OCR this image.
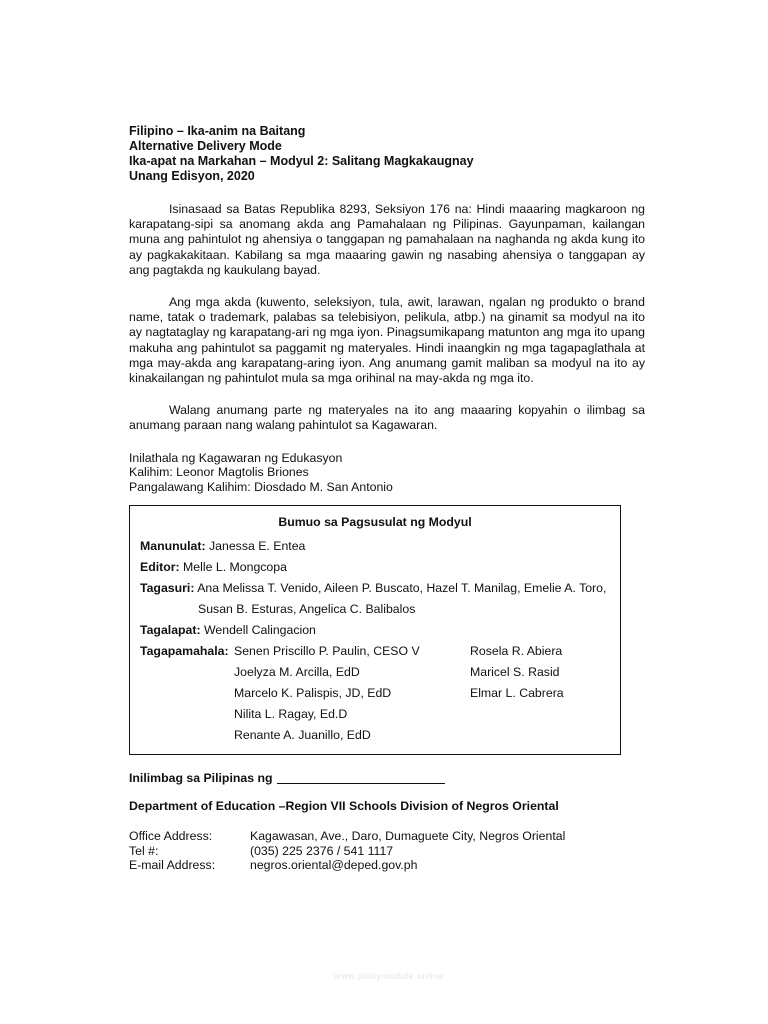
Filipino – Ika-anim na Baitang
Alternative Delivery Mode
Ika-apat na Markahan – Modyul 2: Salitang Magkakaugnay
Unang Edisyon, 2020

Isinasaad sa Batas Republika 8293, Seksiyon 176 na: Hindi maaaring magkaroon ng karapatang-sipi sa anomang akda ang Pamahalaan ng Pilipinas. Gayunpaman, kailangan muna ang pahintulot ng ahensiya o tanggapan ng pamahalaan na naghanda ng akda kung ito ay pagkakakitaan. Kabilang sa mga maaaring gawin ng nasabing ahensiya o tanggapan ay ang pagtakda ng kaukulang bayad.

Ang mga akda (kuwento, seleksiyon, tula, awit, larawan, ngalan ng produkto o brand name, tatak o trademark, palabas sa telebisiyon, pelikula, atbp.) na ginamit sa modyul na ito ay nagtataglay ng karapatang-ari ng mga iyon. Pinagsumikapang matunton ang mga ito upang makuha ang pahintulot sa paggamit ng materyales. Hindi inaangkin ng mga tagapaglathala at mga may-akda ang karapatang-aring iyon. Ang anumang gamit maliban sa modyul na ito ay kinakailangan ng pahintulot mula sa mga orihinal na may-akda ng mga ito.

Walang anumang parte ng materyales na ito ang maaaring kopyahin o ilimbag sa anumang paraan nang walang pahintulot sa Kagawaran.

Inilathala ng Kagawaran ng Edukasyon
Kalihim: Leonor Magtolis Briones
Pangalawang Kalihim: Diosdado M. San Antonio
Bumuo sa Pagsusulat ng Modyul
Manunulat: Janessa E. Entea
Editor: Melle L. Mongcopa
Tagasuri: Ana Melissa T. Venido, Aileen P. Buscato, Hazel T. Manilag, Emelie A. Toro,
Susan B. Esturas, Angelica C. Balibalos
Tagalapat: Wendell Calingacion
Tagapamahala: Senen Priscillo P. Paulin, CESO V	Rosela R. Abiera
Joelyza M. Arcilla, EdD	Maricel S. Rasid
Marcelo K. Palispis, JD, EdD	Elmar L. Cabrera
Nilita L. Ragay, Ed.D
Renante A. Juanillo, EdD
Inilimbag sa Pilipinas ng
Department of Education –Region VII Schools Division of Negros Oriental
Office Address:	Kagawasan, Ave., Daro, Dumaguete City, Negros Oriental
Tel #:	(035) 225 2376 / 541 1117
E-mail Address:	negros.oriental@deped.gov.ph
www.pinoymodule.online
